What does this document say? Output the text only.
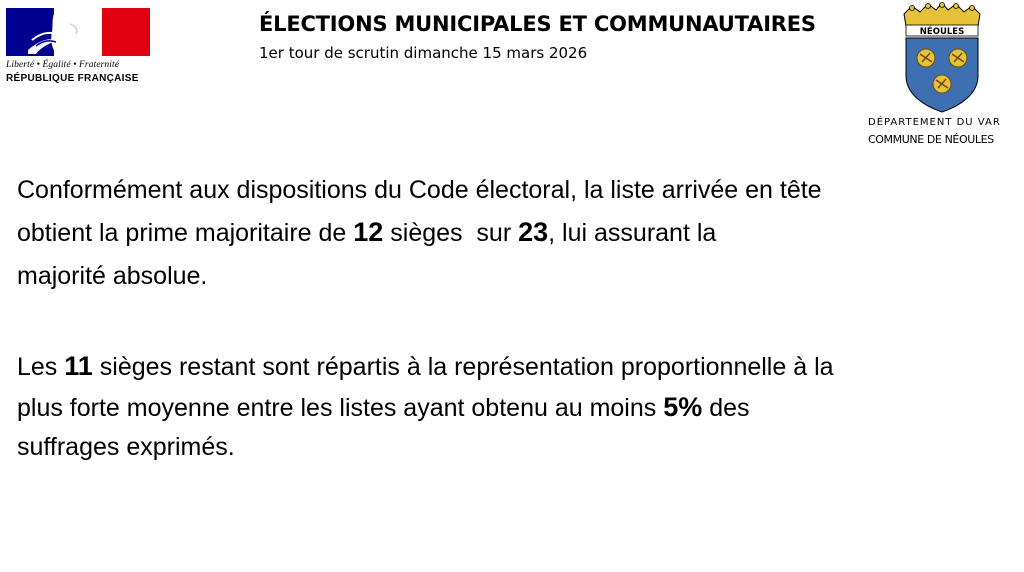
Liberté • Égalité • Fraternité
RÉPUBLIQUE FRANÇAISE
ÉLECTIONS MUNICIPALES ET COMMUNAUTAIRES
1er tour de scrutin dimanche 15 mars 2026
NÉOULES
DÉPARTEMENT DU VAR
COMMUNE DE NÉOULES
Conformément aux dispositions du Code électoral, la liste arrivée en tête
obtient la prime majoritaire de 12 sièges  sur 23, lui assurant la
majorité absolue.
Les 11 sièges restant sont répartis à la représentation proportionnelle à la
plus forte moyenne entre les listes ayant obtenu au moins 5% des
suffrages exprimés.
